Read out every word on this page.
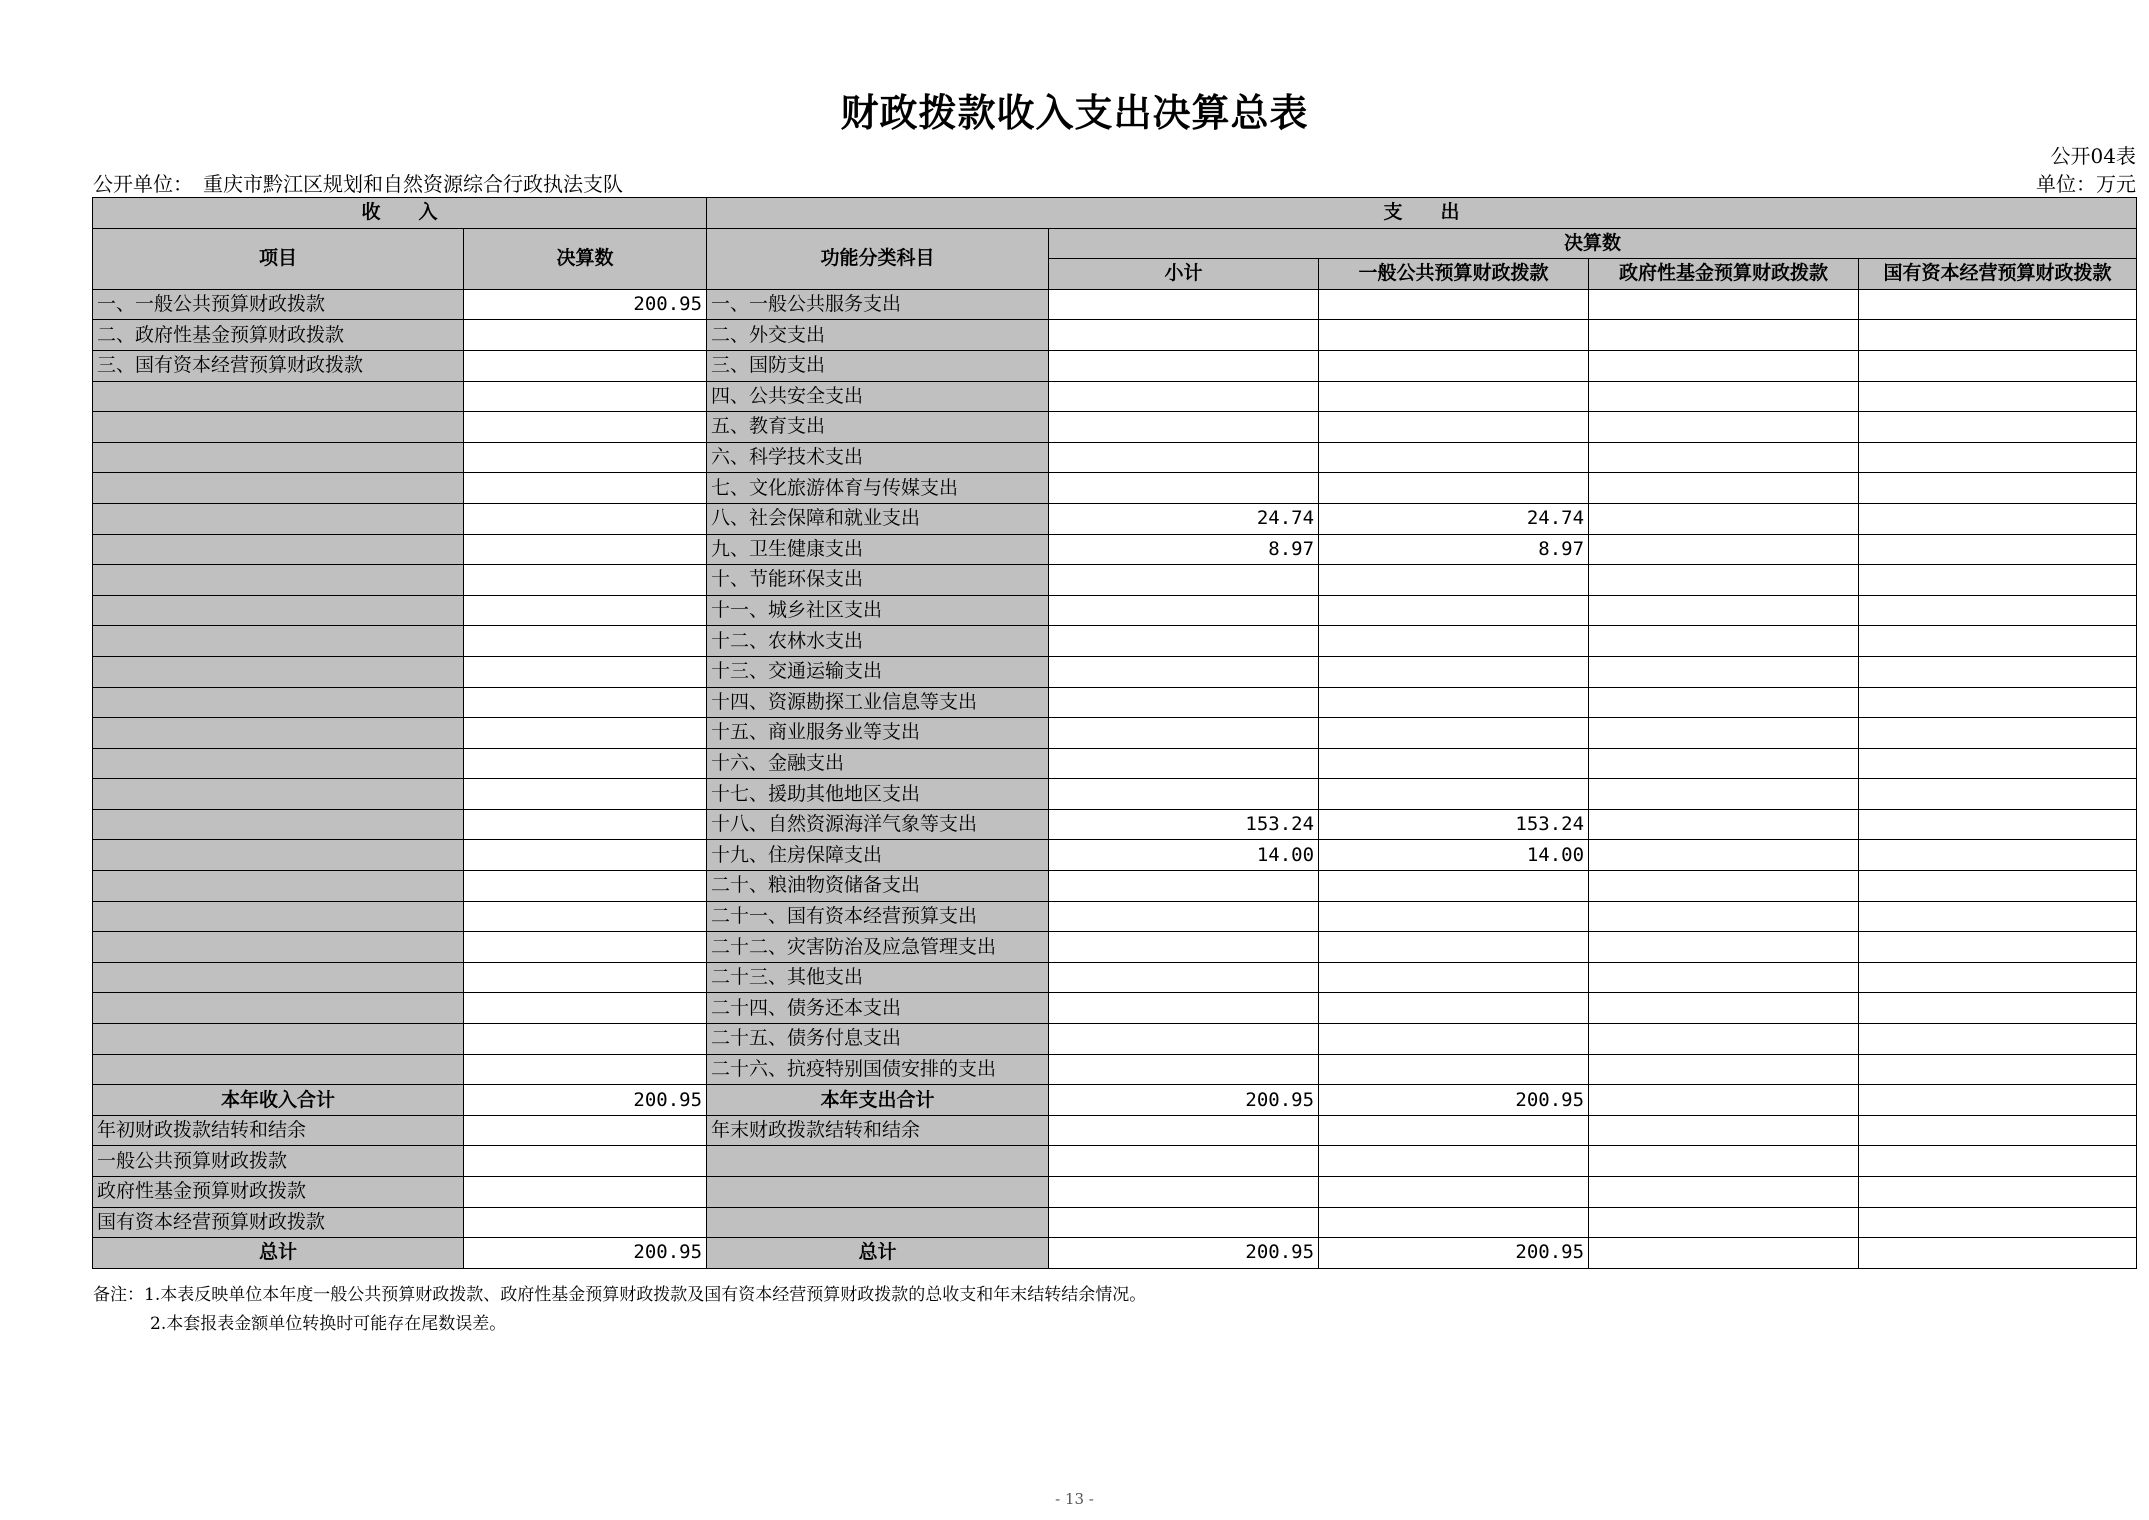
财政拨款收入支出决算总表
公开04表
公开单位：　重庆市黔江区规划和自然资源综合行政执法支队	单位：万元
收　　入		支　　出				
项目	决算数	功能分类科目	决算数			
			小计	一般公共预算财政拨款	政府性基金预算财政拨款	国有资本经营预算财政拨款
一、一般公共预算财政拨款	200.95	一、一般公共服务支出				
二、政府性基金预算财政拨款		二、外交支出				
三、国有资本经营预算财政拨款		三、国防支出				
		四、公共安全支出				
		五、教育支出				
		六、科学技术支出				
		七、文化旅游体育与传媒支出				
		八、社会保障和就业支出	24.74	24.74		
		九、卫生健康支出	8.97	8.97		
		十、节能环保支出				
		十一、城乡社区支出				
		十二、农林水支出				
		十三、交通运输支出				
		十四、资源勘探工业信息等支出				
		十五、商业服务业等支出				
		十六、金融支出				
		十七、援助其他地区支出				
		十八、自然资源海洋气象等支出	153.24	153.24		
		十九、住房保障支出	14.00	14.00		
		二十、粮油物资储备支出				
		二十一、国有资本经营预算支出				
		二十二、灾害防治及应急管理支出				
		二十三、其他支出				
		二十四、债务还本支出				
		二十五、债务付息支出				
		二十六、抗疫特别国债安排的支出				
本年收入合计	200.95	本年支出合计	200.95	200.95		
年初财政拨款结转和结余		年末财政拨款结转和结余				
一般公共预算财政拨款						
政府性基金预算财政拨款						
国有资本经营预算财政拨款						
总计	200.95	总计	200.95	200.95		
备注：1.本表反映单位本年度一般公共预算财政拨款、政府性基金预算财政拨款及国有资本经营预算财政拨款的总收支和年末结转结余情况。
2.本套报表金额单位转换时可能存在尾数误差。
- 13 -
